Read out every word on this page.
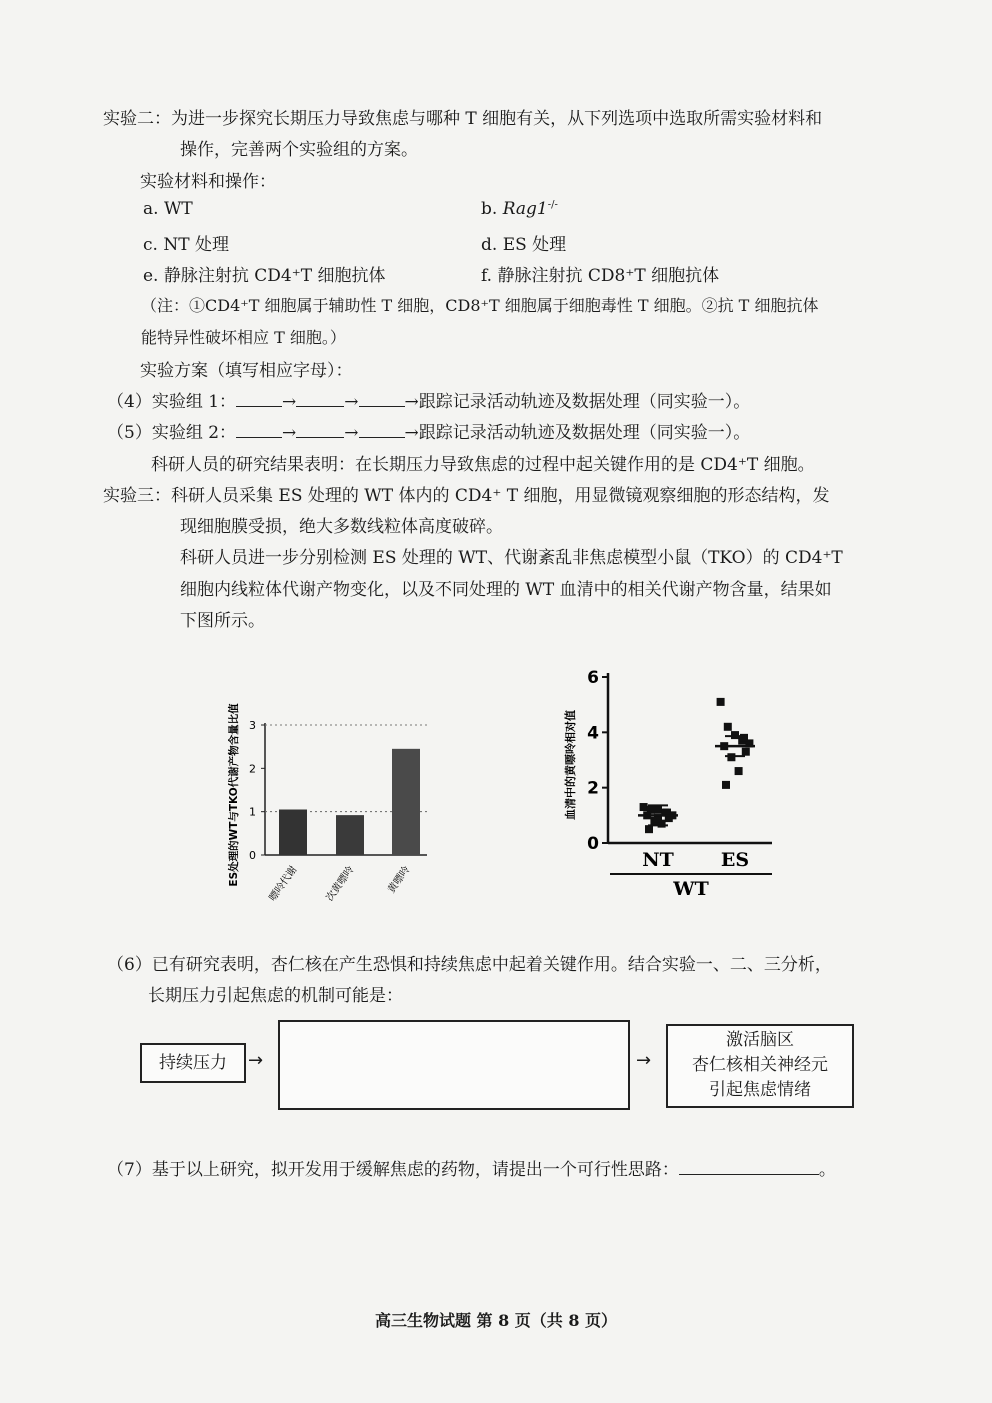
实验二：为进一步探究长期压力导致焦虑与哪种 T 细胞有关，从下列选项中选取所需实验材料和
操作，完善两个实验组的方案。
实验材料和操作：
a. WT	b. Rag1-/-
c. NT 处理	d. ES 处理
e. 静脉注射抗 CD4⁺T 细胞抗体	f. 静脉注射抗 CD8⁺T 细胞抗体
（注：①CD4⁺T 细胞属于辅助性 T 细胞，CD8⁺T 细胞属于细胞毒性 T 细胞。②抗 T 细胞抗体
能特异性破坏相应 T 细胞。）
实验方案（填写相应字母）：
（4）实验组 1：	→	→	→跟踪记录活动轨迹及数据处理（同实验一）。
（5）实验组 2：	→	→	→跟踪记录活动轨迹及数据处理（同实验一）。
科研人员的研究结果表明：在长期压力导致焦虑的过程中起关键作用的是 CD4⁺T 细胞。
实验三：科研人员采集 ES 处理的 WT 体内的 CD4⁺ T 细胞，用显微镜观察细胞的形态结构，发
现细胞膜受损，绝大多数线粒体高度破碎。
科研人员进一步分别检测 ES 处理的 WT、代谢紊乱非焦虑模型小鼠（TKO）的 CD4⁺T
细胞内线粒体代谢产物变化，以及不同处理的 WT 血清中的相关代谢产物含量，结果如
下图所示。
0
1
2
3
嘌呤代谢	次黄嘌呤	黄嘌呤
ES处理的WT与TKO代谢产物含量比值	0
2
4
6
NT ES
WT
血清中的黄嘌呤相对值
（6）已有研究表明，杏仁核在产生恐惧和持续焦虑中起着关键作用。结合实验一、二、三分析，
长期压力引起焦虑的机制可能是：
持续压力	→	→
激活脑区
杏仁核相关神经元
引起焦虑情绪
（7）基于以上研究，拟开发用于缓解焦虑的药物，请提出一个可行性思路：	。
高三生物试题 第 8 页（共 8 页）
